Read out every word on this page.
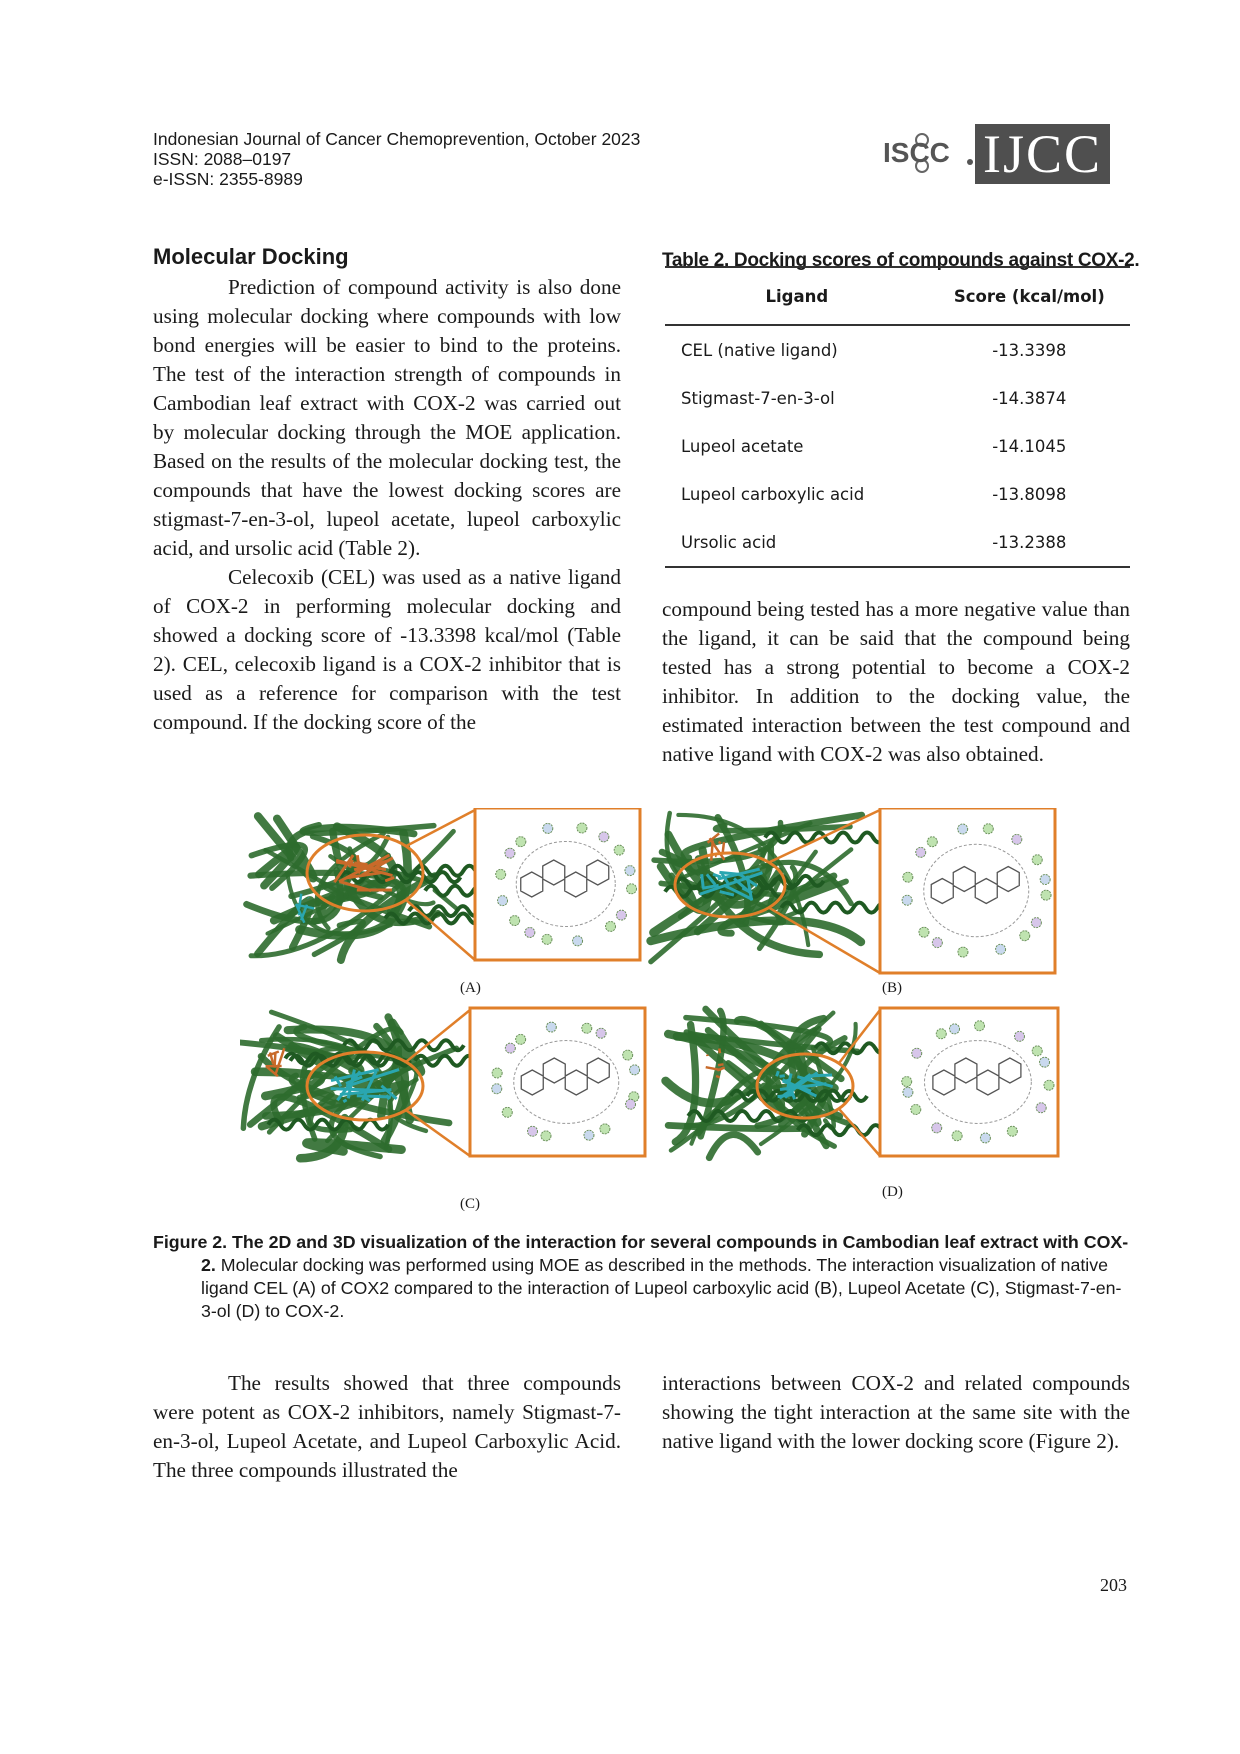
Indonesian Journal of Cancer Chemoprevention, October 2023
ISSN: 2088–0197
e-ISSN: 2355-8989
ISCC IJCC
Molecular Docking

Prediction of compound activity is also done using molecular docking where compounds with low bond energies will be easier to bind to the proteins. The test of the interaction strength of compounds in Cambodian leaf extract with COX-2 was carried out by molecular docking through the MOE application. Based on the results of the molecular docking test, the compounds that have the lowest docking scores are stigmast-7-en-3-ol, lupeol acetate, lupeol carboxylic acid, and ursolic acid (Table 2).

Celecoxib (CEL) was used as a native ligand of COX-2 in performing molecular docking and showed a docking score of -13.3398 kcal/mol (Table 2). CEL, celecoxib ligand is a COX-2 inhibitor that is used as a reference for comparison with the test compound. If the docking score of the

Table 2. Docking scores of compounds against COX-2.
Ligand	Score (kcal/mol)
CEL (native ligand)	-13.3398
Stigmast-7-en-3-ol	-14.3874
Lupeol acetate	-14.1045
Lupeol carboxylic acid	-13.8098
Ursolic acid	-13.2388

compound being tested has a more negative value than the ligand, it can be said that the compound being tested has a strong potential to become a COX-2 inhibitor. In addition to the docking value, the estimated interaction between the test compound and native ligand with COX-2 was also obtained.

(A)	(B)
(C)
(D)
Figure 2. The 2D and 3D visualization of the interaction for several compounds in Cambodian leaf extract with COX-2. Molecular docking was performed using MOE as described in the methods. The interaction visualization of native ligand CEL (A) of COX2 compared to the interaction of Lupeol carboxylic acid (B), Lupeol Acetate (C), Stigmast-7-en-3-ol (D) to COX-2.

The results showed that three compounds were potent as COX-2 inhibitors, namely Stigmast-7-en-3-ol, Lupeol Acetate, and Lupeol Carboxylic Acid. The three compounds illustrated the

interactions between COX-2 and related compounds showing the tight interaction at the same site with the native ligand with the lower docking score (Figure 2).

203
